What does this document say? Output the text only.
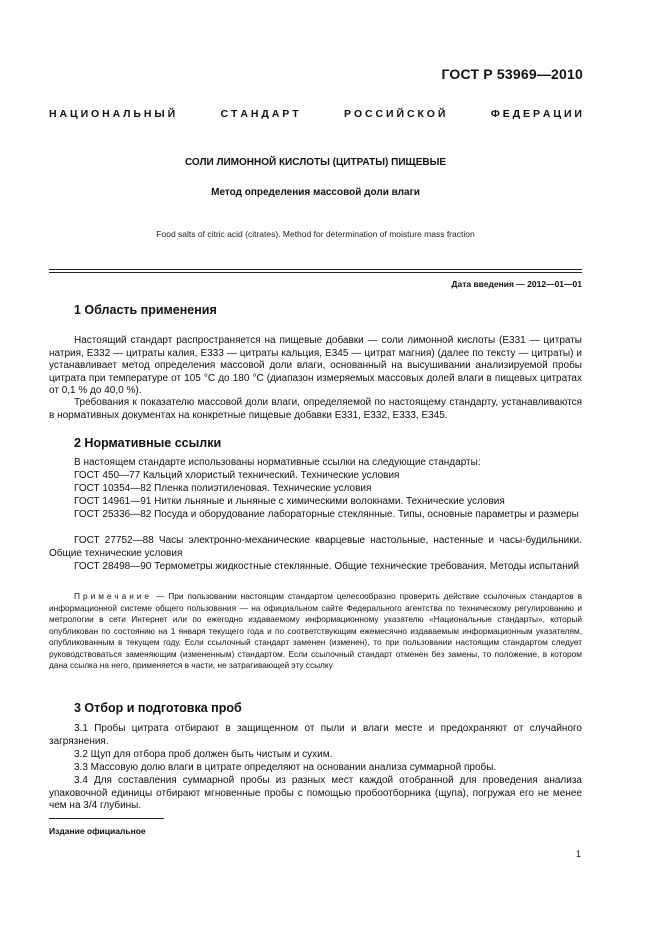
ГОСТ Р 53969—2010
Н А Ц И О Н А Л Ь Н Ы Й	С Т А Н Д А Р Т	Р О С С И Й С К О Й	Ф Е Д Е Р А Ц И И
СОЛИ ЛИМОННОЙ КИСЛОТЫ (ЦИТРАТЫ) ПИЩЕВЫЕ
Метод определения массовой доли влаги
Food salts of citric acid (citrates). Method for determination of moisture mass fraction
Дата введения — 2012—01—01
1 Область применения
Настоящий стандарт распространяется на пищевые добавки — соли лимонной кислоты (Е331 — цитраты натрия, Е332 — цитраты калия, Е333 — цитраты кальция, Е345 — цитрат магния) (далее по тексту — цитраты) и устанавливает метод определения массовой доли влаги, основанный на высушивании анализируемой пробы цитрата при температуре от 105 °С до 180 °С (диапазон измеряемых массовых долей влаги в пищевых цитратах от 0,1 % до 40,0 %).
Требования к показателю массовой доли влаги, определяемой по настоящему стандарту, устанавливаются в нормативных документах на конкретные пищевые добавки Е331, Е332, Е333, Е345.
2 Нормативные ссылки
В настоящем стандарте использованы нормативные ссылки на следующие стандарты:
ГОСТ 450—77 Кальций хлористый технический. Технические условия
ГОСТ 10354—82 Пленка полиэтиленовая. Технические условия
ГОСТ 14961—91 Нитки льняные и льняные с химическими волокнами. Технические условия
ГОСТ 25336—82 Посуда и оборудование лабораторные стеклянные. Типы, основные параметры и размеры
ГОСТ 27752—88 Часы электронно-механические кварцевые настольные, настенные и часы-будильники. Общие технические условия
ГОСТ 28498—90 Термометры жидкостные стеклянные. Общие технические требования. Методы испытаний
Примечание — При пользовании настоящим стандартом целесообразно проверить действие ссылочных стандартов в информационной системе общего пользования — на официальном сайте Федерального агентства по техническому регулированию и метрологии в сети Интернет или по ежегодно издаваемому информационному указателю «Национальные стандарты», который опубликован по состоянию на 1 января текущего года и по соответствующим ежемесячно издаваемым информационным указателям, опубликованным в текущем году. Если ссылочный стандарт заменен (изменен), то при пользовании настоящим стандартом следует руководствоваться заменяющим (измененным) стандартом. Если ссылочный стандарт отменен без замены, то положение, в котором дана ссылка на него, применяется в части, не затрагивающей эту ссылку
3 Отбор и подготовка проб
3.1 Пробы цитрата отбирают в защищенном от пыли и влаги месте и предохраняют от случайного загрязнения.
3.2 Щуп для отбора проб должен быть чистым и сухим.
3.3 Массовую долю влаги в цитрате определяют на основании анализа суммарной пробы.
3.4 Для составления суммарной пробы из разных мест каждой отобранной для проведения анализа упаковочной единицы отбирают мгновенные пробы с помощью пробоотборника (щупа), погружая его не менее чем на 3/4 глубины.
Издание официальное
1
